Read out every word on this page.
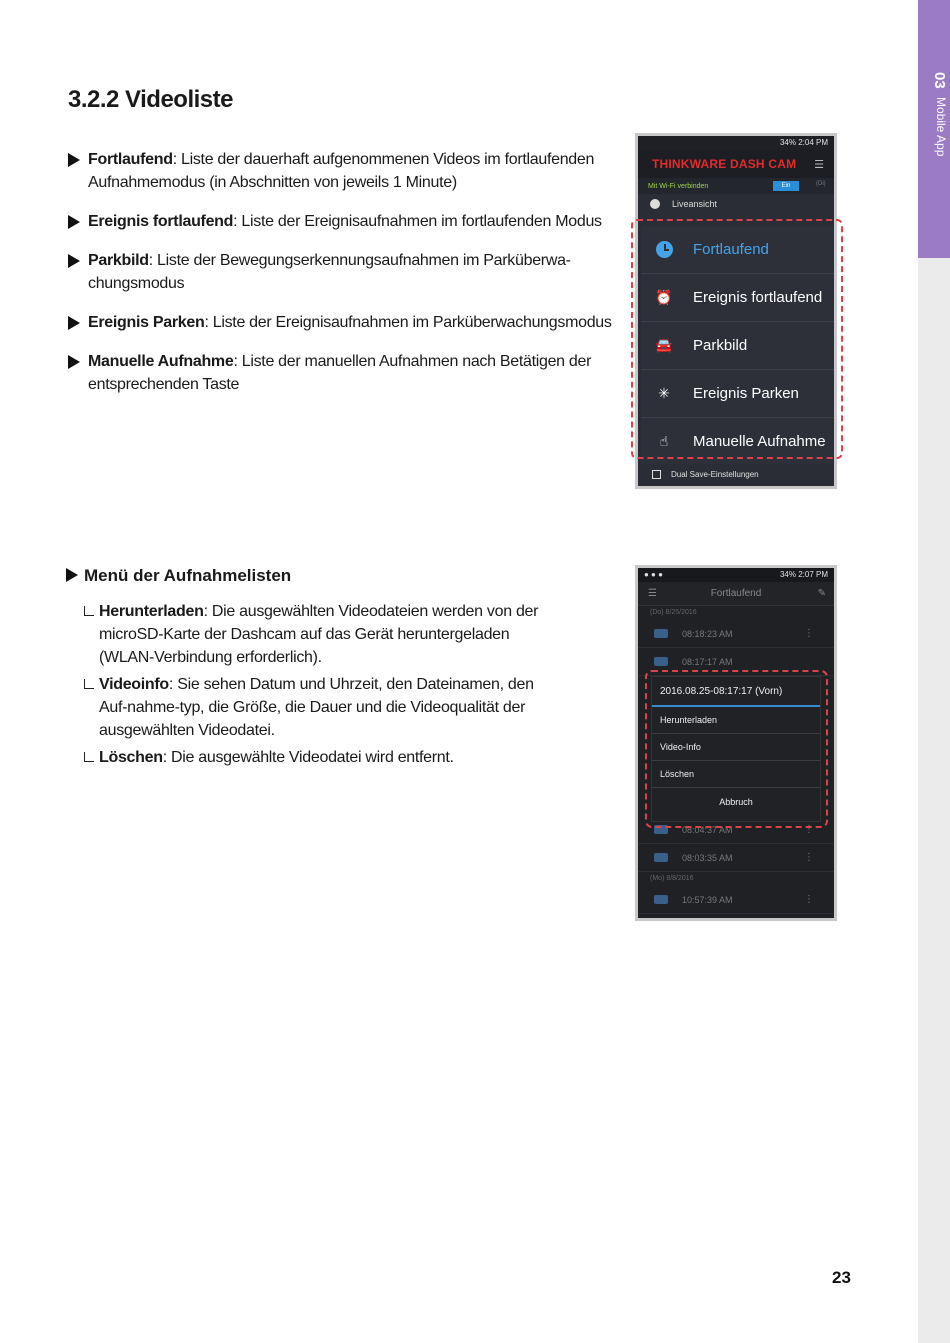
03
Mobile App
3.2.2 Videoliste
Fortlaufend: Liste der dauerhaft aufgenommenen Videos im fortlaufenden Aufnahmemodus (in Abschnitten von jeweils 1 Minute)
Ereignis fortlaufend: Liste der Ereignisaufnahmen im fortlaufenden Modus
Parkbild: Liste der Bewegungserkennungsaufnahmen im Parküberwa-chungsmodus
Ereignis Parken: Liste der Ereignisaufnahmen im Parküberwachungsmodus
Manuelle Aufnahme: Liste der manuellen Aufnahmen nach Betätigen der entsprechenden Taste
34% 2:04 PM
THINKWARE DASH CAM ☰
Mit Wi-Fi verbinden	Ein	(Di)
Liveansicht
Fortlaufend
⏰ Ereignis fortlaufend
🚘 Parkbild
✳ Ereignis Parken
☝	Manuelle Aufnahme
Dual Save-Einstellungen
Menü der Aufnahmelisten
Herunterladen: Die ausgewählten Videodateien werden von der microSD-Karte der Dashcam auf das Gerät heruntergeladen (WLAN-Verbindung erforderlich).
Videoinfo: Sie sehen Datum und Uhrzeit, den Dateinamen, den Auf-nahme-typ, die Größe, die Dauer und die Videoqualität der ausgewählten Videodatei.
Löschen: Die ausgewählte Videodatei wird entfernt.
● ● ●	34% 2:07 PM
☰	Fortlaufend	✎
(Do) 8/25/2016
08:18:23 AM	⋮
08:17:17 AM
08:04:37 AM	⋮
08:03:35 AM	⋮
(Mo) 8/8/2016
10:57:39 AM	⋮
2016.08.25-08:17:17 (Vorn)
Herunterladen
Video-Info
Löschen
Abbruch
23
